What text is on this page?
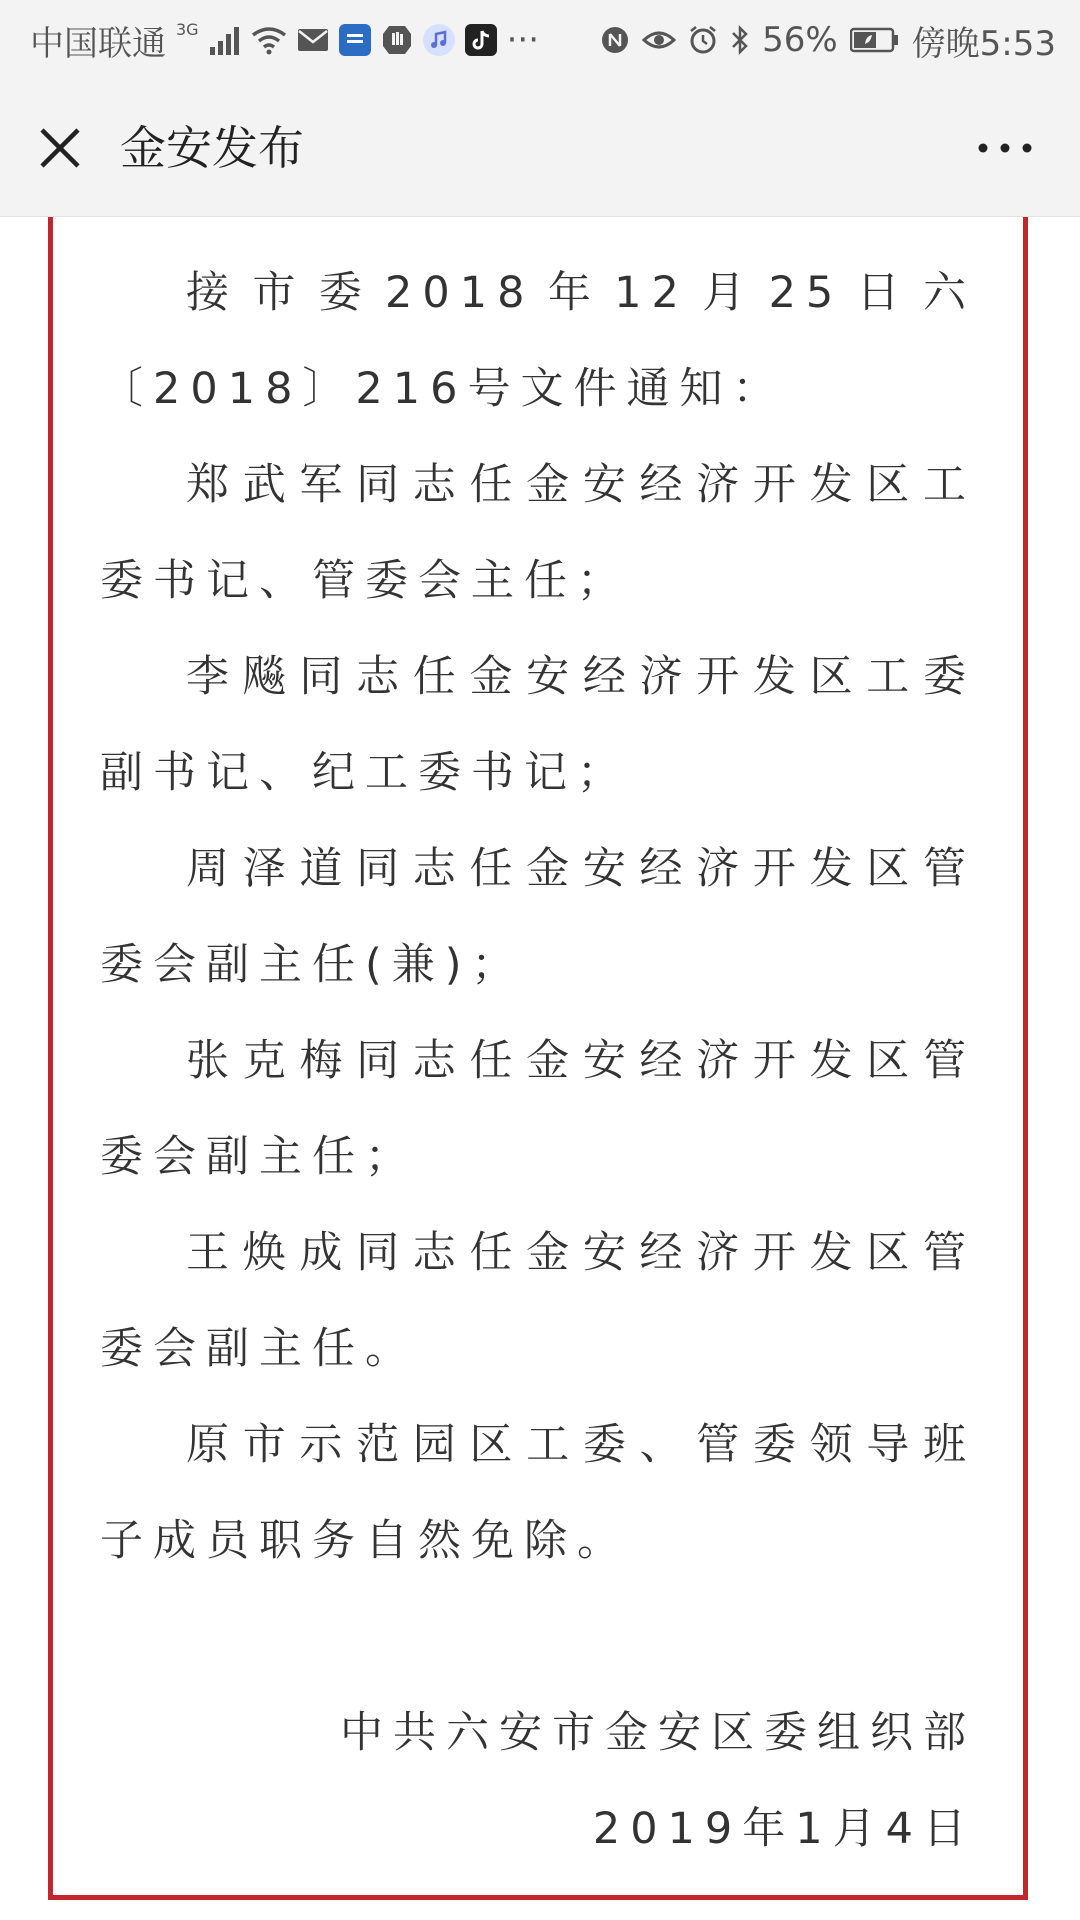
中国联通 3G	···	56% 傍晚5:53
金安发布

接市委2018年12月25日六〔2018〕216号文件通知：

郑武军同志任金安经济开发区工委书记、管委会主任；

李飚同志任金安经济开发区工委副书记、纪工委书记；

周泽道同志任金安经济开发区管委会副主任(兼)；

张克梅同志任金安经济开发区管委会副主任；

王焕成同志任金安经济开发区管委会副主任。

原市示范园区工委、管委领导班子成员职务自然免除。

中共六安市金安区委组织部

2019年1月4日
